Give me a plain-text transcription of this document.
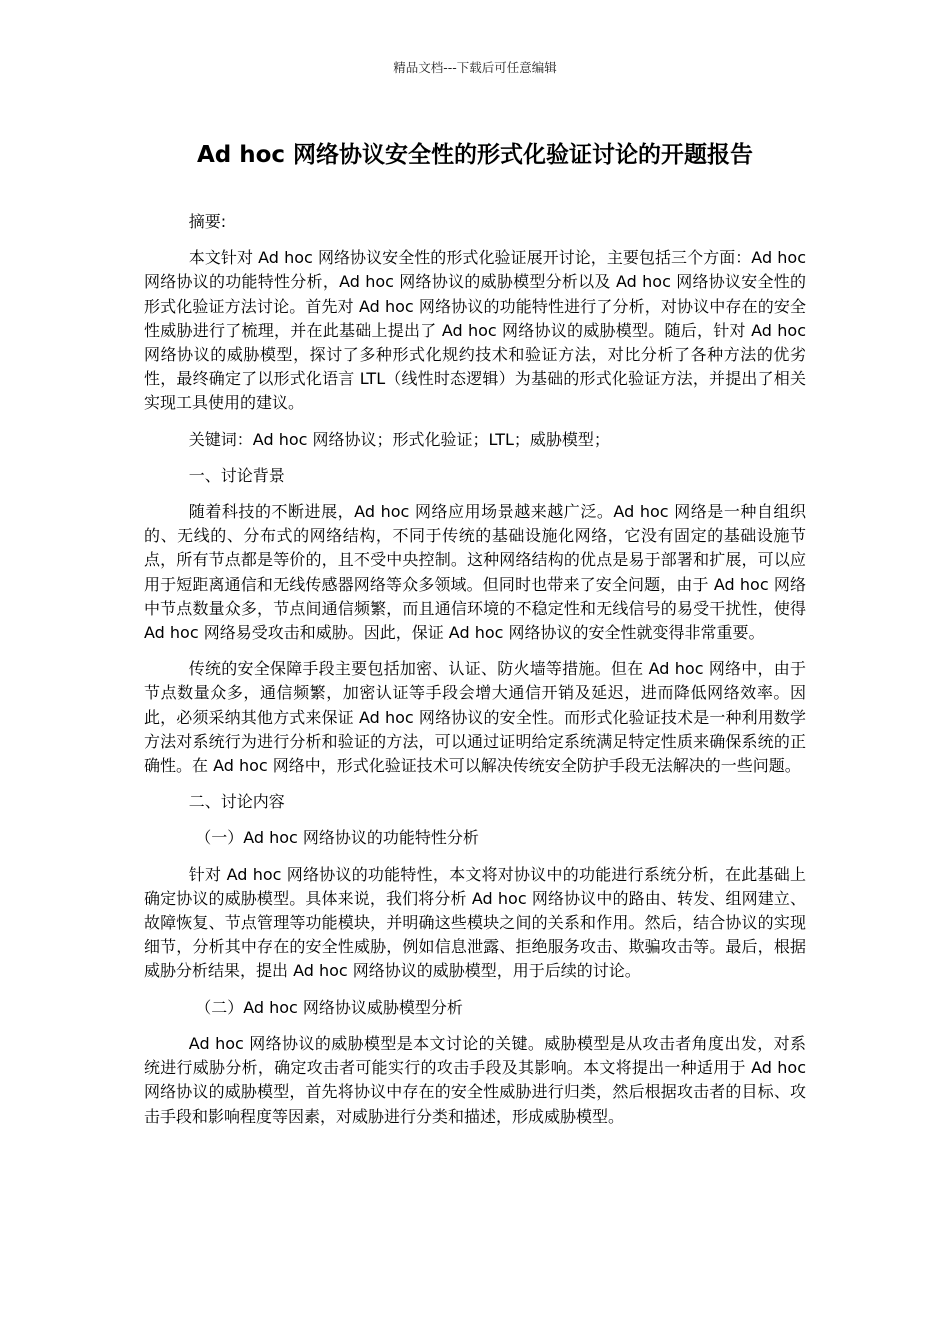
精品文档---下载后可任意编辑
Ad hoc 网络协议安全性的形式化验证讨论的开题报告

摘要:

本文针对 Ad hoc 网络协议安全性的形式化验证展开讨论，主要包括三个方面：Ad hoc 网络协议的功能特性分析，Ad hoc 网络协议的威胁模型分析以及 Ad hoc 网络协议安全性的形式化验证方法讨论。首先对 Ad hoc 网络协议的功能特性进行了分析，对协议中存在的安全性威胁进行了梳理，并在此基础上提出了 Ad hoc 网络协议的威胁模型。随后，针对 Ad hoc 网络协议的威胁模型，探讨了多种形式化规约技术和验证方法，对比分析了各种方法的优劣性，最终确定了以形式化语言 LTL（线性时态逻辑）为基础的形式化验证方法，并提出了相关实现工具使用的建议。

关键词：Ad hoc 网络协议；形式化验证；LTL；威胁模型；

一、讨论背景

随着科技的不断进展，Ad hoc 网络应用场景越来越广泛。Ad hoc 网络是一种自组织的、无线的、分布式的网络结构，不同于传统的基础设施化网络，它没有固定的基础设施节点，所有节点都是等价的，且不受中央控制。这种网络结构的优点是易于部署和扩展，可以应用于短距离通信和无线传感器网络等众多领域。但同时也带来了安全问题，由于 Ad hoc 网络中节点数量众多，节点间通信频繁，而且通信环境的不稳定性和无线信号的易受干扰性，使得 Ad hoc 网络易受攻击和威胁。因此，保证 Ad hoc 网络协议的安全性就变得非常重要。

传统的安全保障手段主要包括加密、认证、防火墙等措施。但在 Ad hoc 网络中，由于节点数量众多，通信频繁，加密认证等手段会增大通信开销及延迟，进而降低网络效率。因此，必须采纳其他方式来保证 Ad hoc 网络协议的安全性。而形式化验证技术是一种利用数学方法对系统行为进行分析和验证的方法，可以通过证明给定系统满足特定性质来确保系统的正确性。在 Ad hoc 网络中，形式化验证技术可以解决传统安全防护手段无法解决的一些问题。

二、讨论内容

（一）Ad hoc 网络协议的功能特性分析

针对 Ad hoc 网络协议的功能特性，本文将对协议中的功能进行系统分析，在此基础上确定协议的威胁模型。具体来说，我们将分析 Ad hoc 网络协议中的路由、转发、组网建立、故障恢复、节点管理等功能模块，并明确这些模块之间的关系和作用。然后，结合协议的实现细节，分析其中存在的安全性威胁，例如信息泄露、拒绝服务攻击、欺骗攻击等。最后，根据威胁分析结果，提出 Ad hoc 网络协议的威胁模型，用于后续的讨论。

（二）Ad hoc 网络协议威胁模型分析

Ad hoc 网络协议的威胁模型是本文讨论的关键。威胁模型是从攻击者角度出发，对系统进行威胁分析，确定攻击者可能实行的攻击手段及其影响。本文将提出一种适用于 Ad hoc 网络协议的威胁模型，首先将协议中存在的安全性威胁进行归类，然后根据攻击者的目标、攻击手段和影响程度等因素，对威胁进行分类和描述，形成威胁模型。
